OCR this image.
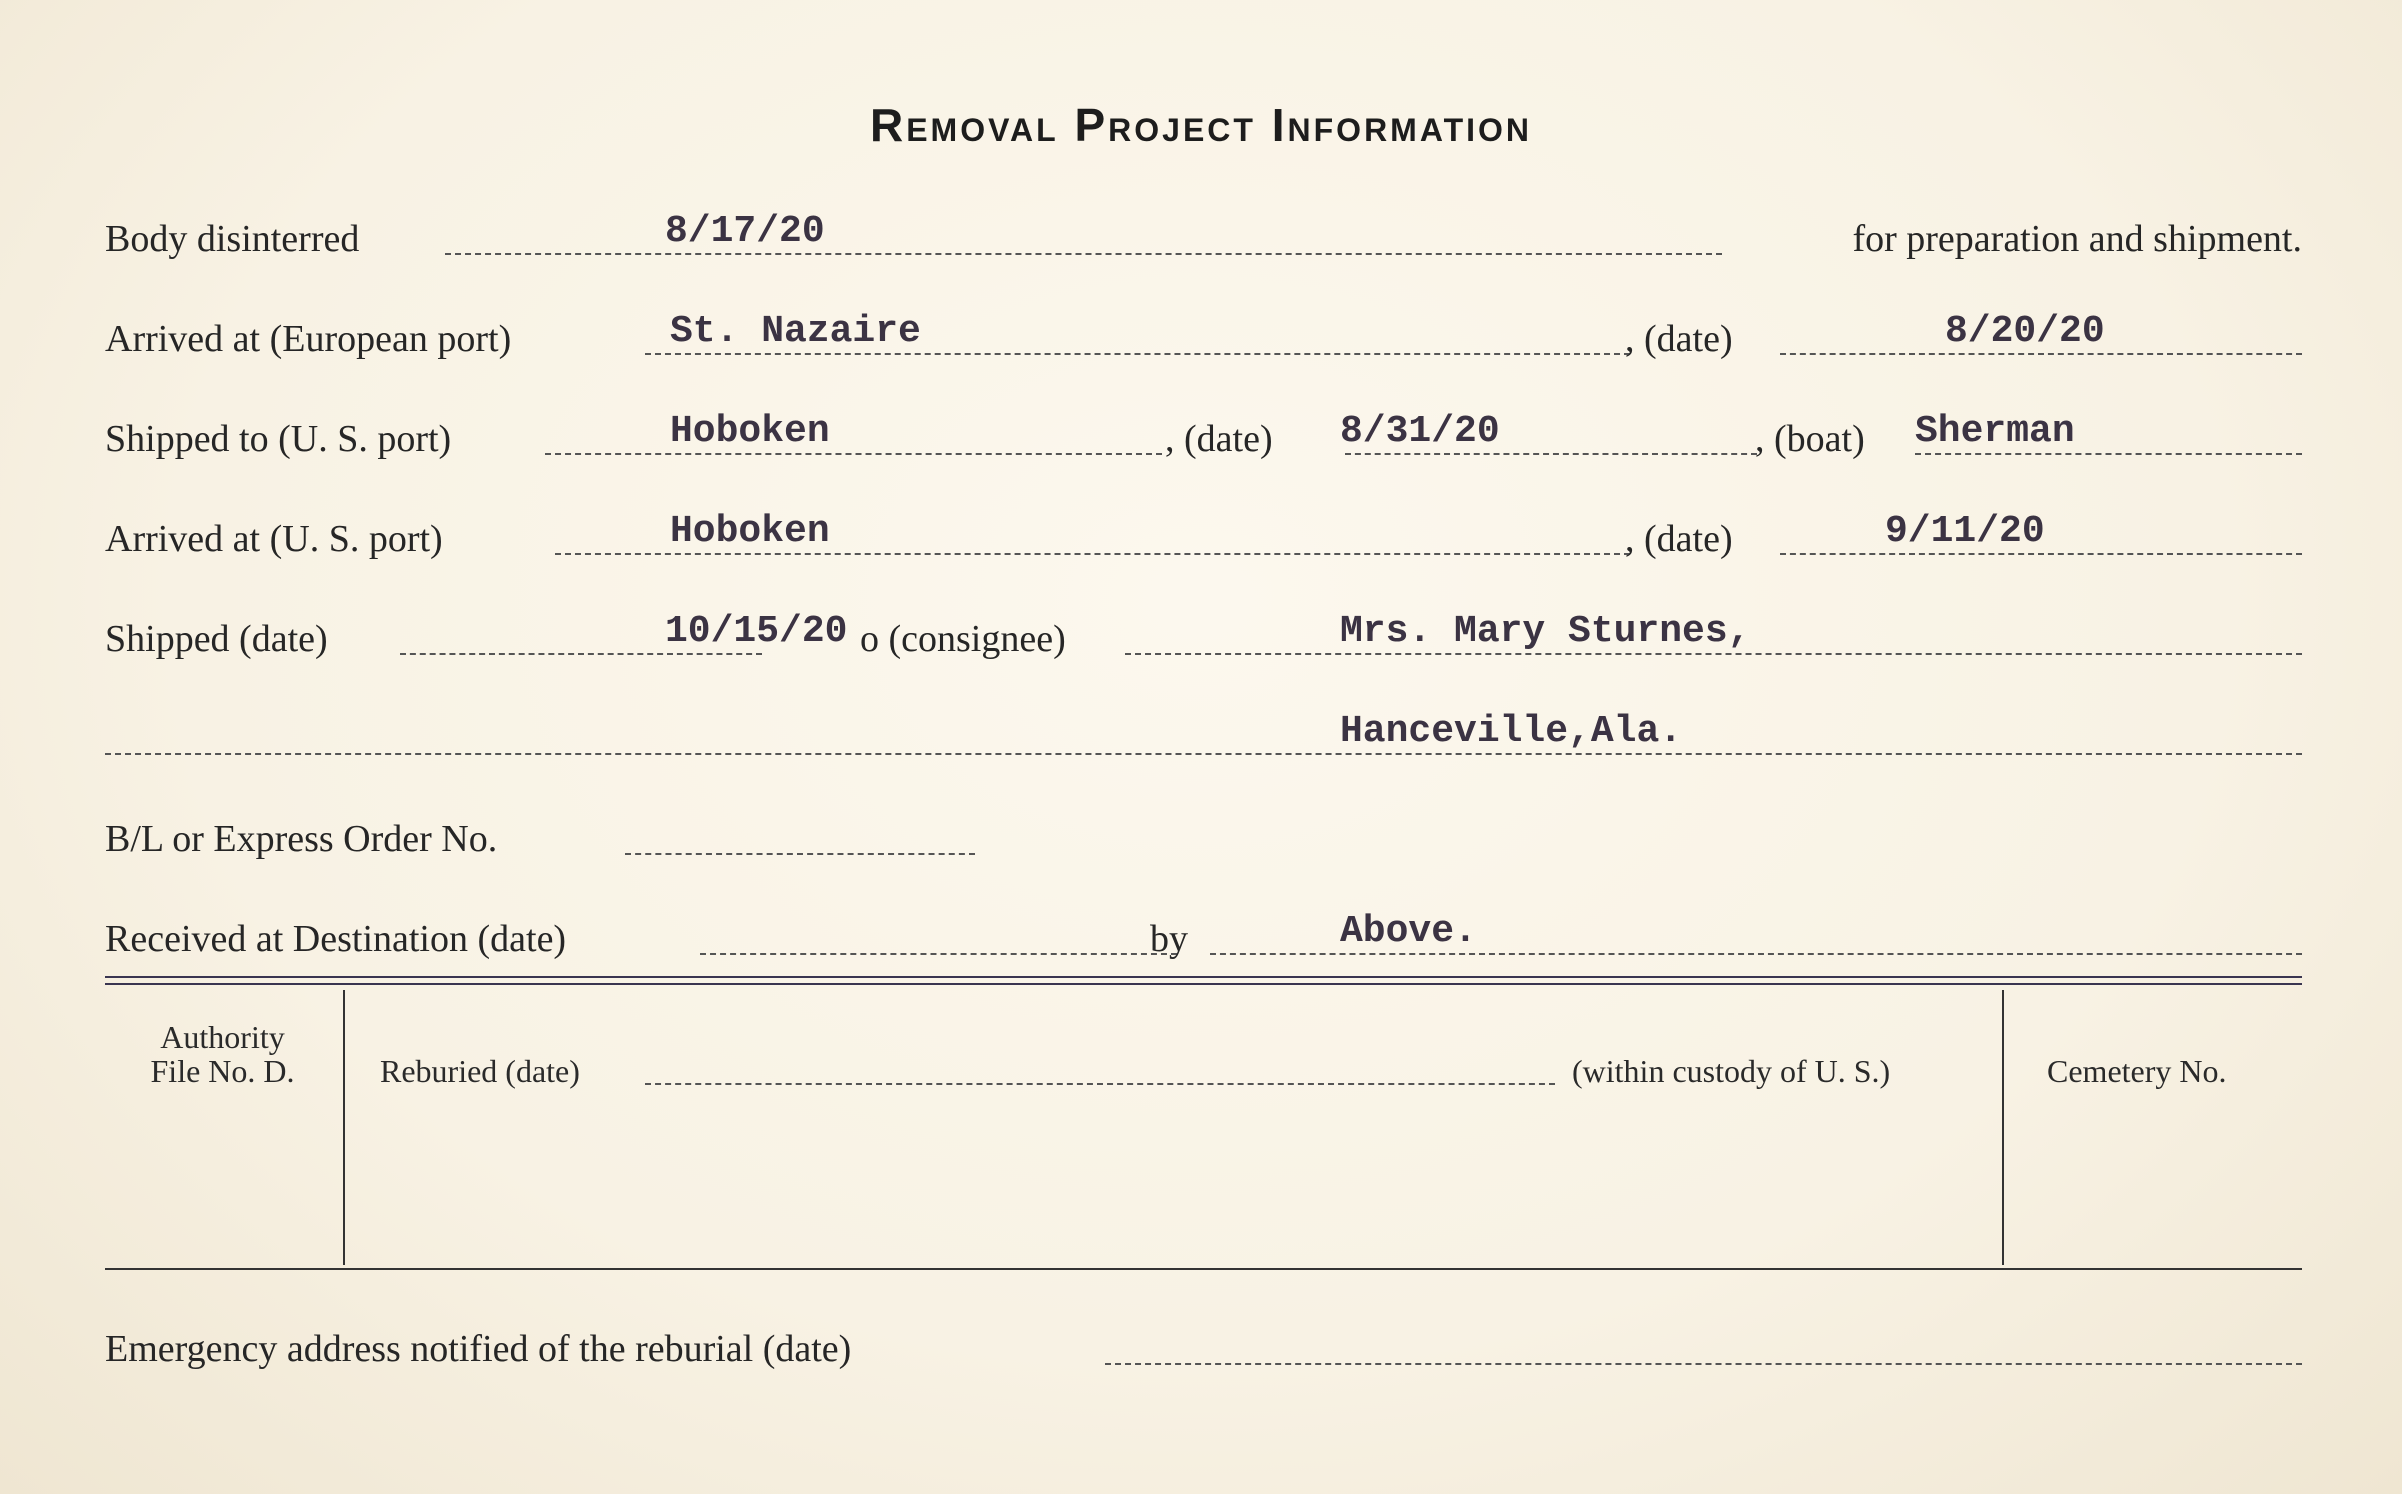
Removal Project Information
Body disinterred	8/17/20	for preparation and shipment.
Arrived at (European port)	St. Nazaire	, (date)	8/20/20
Shipped to (U. S. port)	Hoboken	, (date) 8/31/20	, (boat) Sherman
Arrived at (U. S. port)	Hoboken	, (date)	9/11/20
Shipped (date)	10/15/20 o (consignee)	Mrs. Mary Sturnes,
Hanceville,Ala.
B/L or Express Order No.
Received at Destination (date)	by	Above.
Authority
File No. D.	Reburied (date)	(within custody of U. S.)	Cemetery No.
Emergency address notified of the reburial (date)
